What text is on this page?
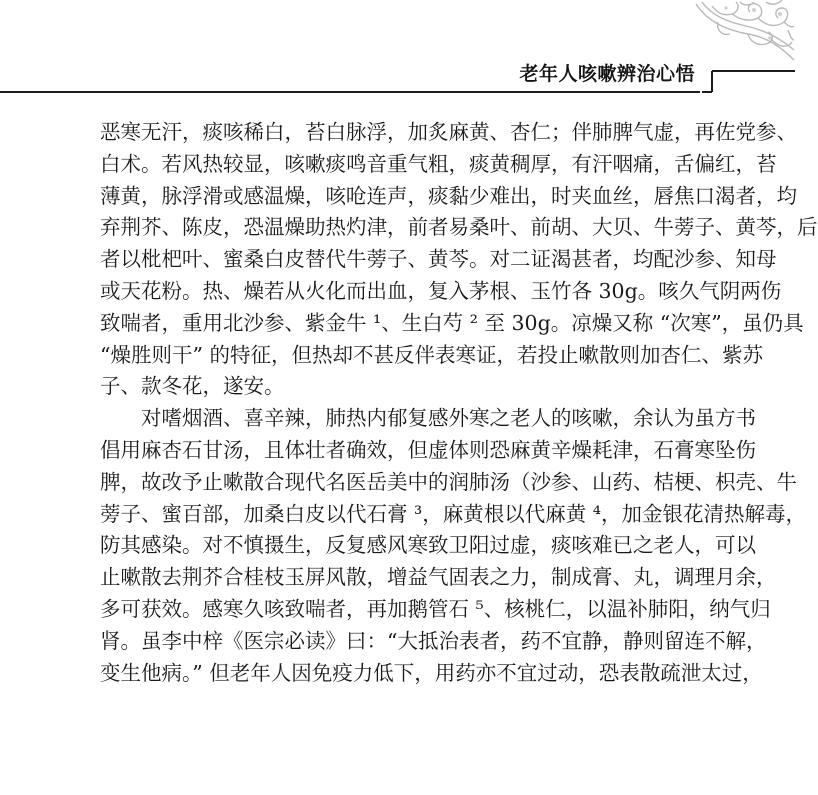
老年人咳嗽辨治心悟
恶寒无汗，痰咳稀白，苔白脉浮，加炙麻黄、杏仁；伴肺脾气虚，再佐党参、
白术。若风热较显，咳嗽痰鸣音重气粗，痰黄稠厚，有汗咽痛，舌偏红，苔
薄黄，脉浮滑或感温燥，咳呛连声，痰黏少难出，时夹血丝，唇焦口渴者，均
弃荆芥、陈皮，恐温燥助热灼津，前者易桑叶、前胡、大贝、牛蒡子、黄芩，后
者以枇杷叶、蜜桑白皮替代牛蒡子、黄芩。对二证渴甚者，均配沙参、知母
或天花粉。热、燥若从火化而出血，复入茅根、玉竹各 30g。咳久气阴两伤
致喘者，重用北沙参、紫金牛 ¹、生白芍 ² 至 30g。凉燥又称 “次寒”，虽仍具
“燥胜则干” 的特征，但热却不甚反伴表寒证，若投止嗽散则加杏仁、紫苏
子、款冬花，遂安。
　　对嗜烟酒、喜辛辣，肺热内郁复感外寒之老人的咳嗽，余认为虽方书
倡用麻杏石甘汤，且体壮者确效，但虚体则恐麻黄辛燥耗津，石膏寒坠伤
脾，故改予止嗽散合现代名医岳美中的润肺汤（沙参、山药、桔梗、枳壳、牛
蒡子、蜜百部，加桑白皮以代石膏 ³，麻黄根以代麻黄 ⁴，加金银花清热解毒，
防其感染。对不慎摄生，反复感风寒致卫阳过虚，痰咳难已之老人，可以
止嗽散去荆芥合桂枝玉屏风散，增益气固表之力，制成膏、丸，调理月余，
多可获效。感寒久咳致喘者，再加鹅管石 ⁵、核桃仁，以温补肺阳，纳气归
肾。虽李中梓《医宗必读》曰：“大抵治表者，药不宜静，静则留连不解，
变生他病。” 但老年人因免疫力低下，用药亦不宜过动，恐表散疏泄太过，
